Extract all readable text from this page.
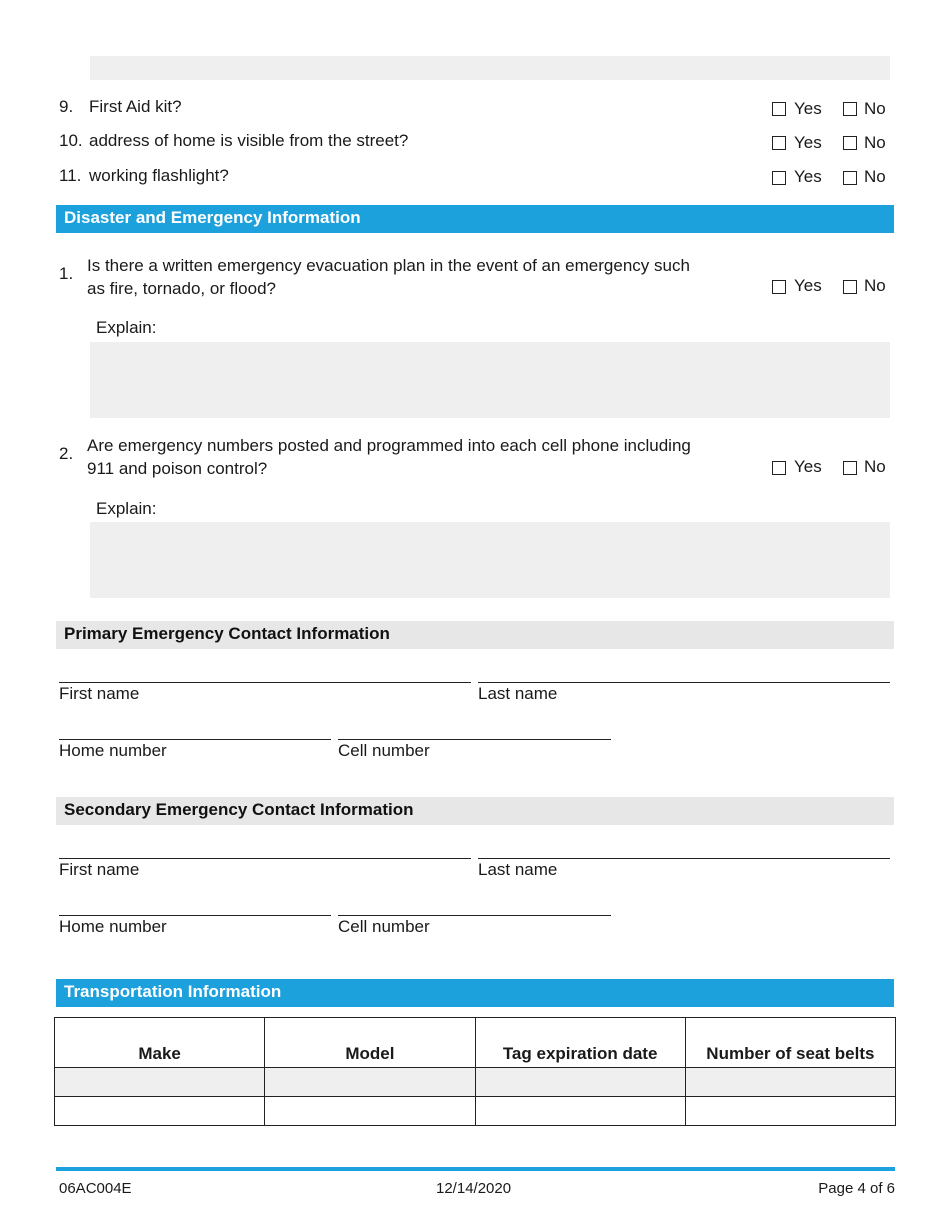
9. First Aid kit?	Yes No
10. address of home is visible from the street?	Yes No
11. working flashlight?	Yes No
Disaster and Emergency Information
1. Is there a written emergency evacuation plan in the event of an emergency such
as fire, tornado, or flood?	Yes No
Explain:
2. Are emergency numbers posted and programmed into each cell phone including
911 and poison control?	Yes No
Explain:
Primary Emergency Contact Information
First name	Last name
Home number	Cell number
Secondary Emergency Contact Information
First name	Last name
Home number	Cell number
Transportation Information
Make	Model	Tag expiration date	Number of seat belts

06AC004E	12/14/2020	Page 4 of 6
